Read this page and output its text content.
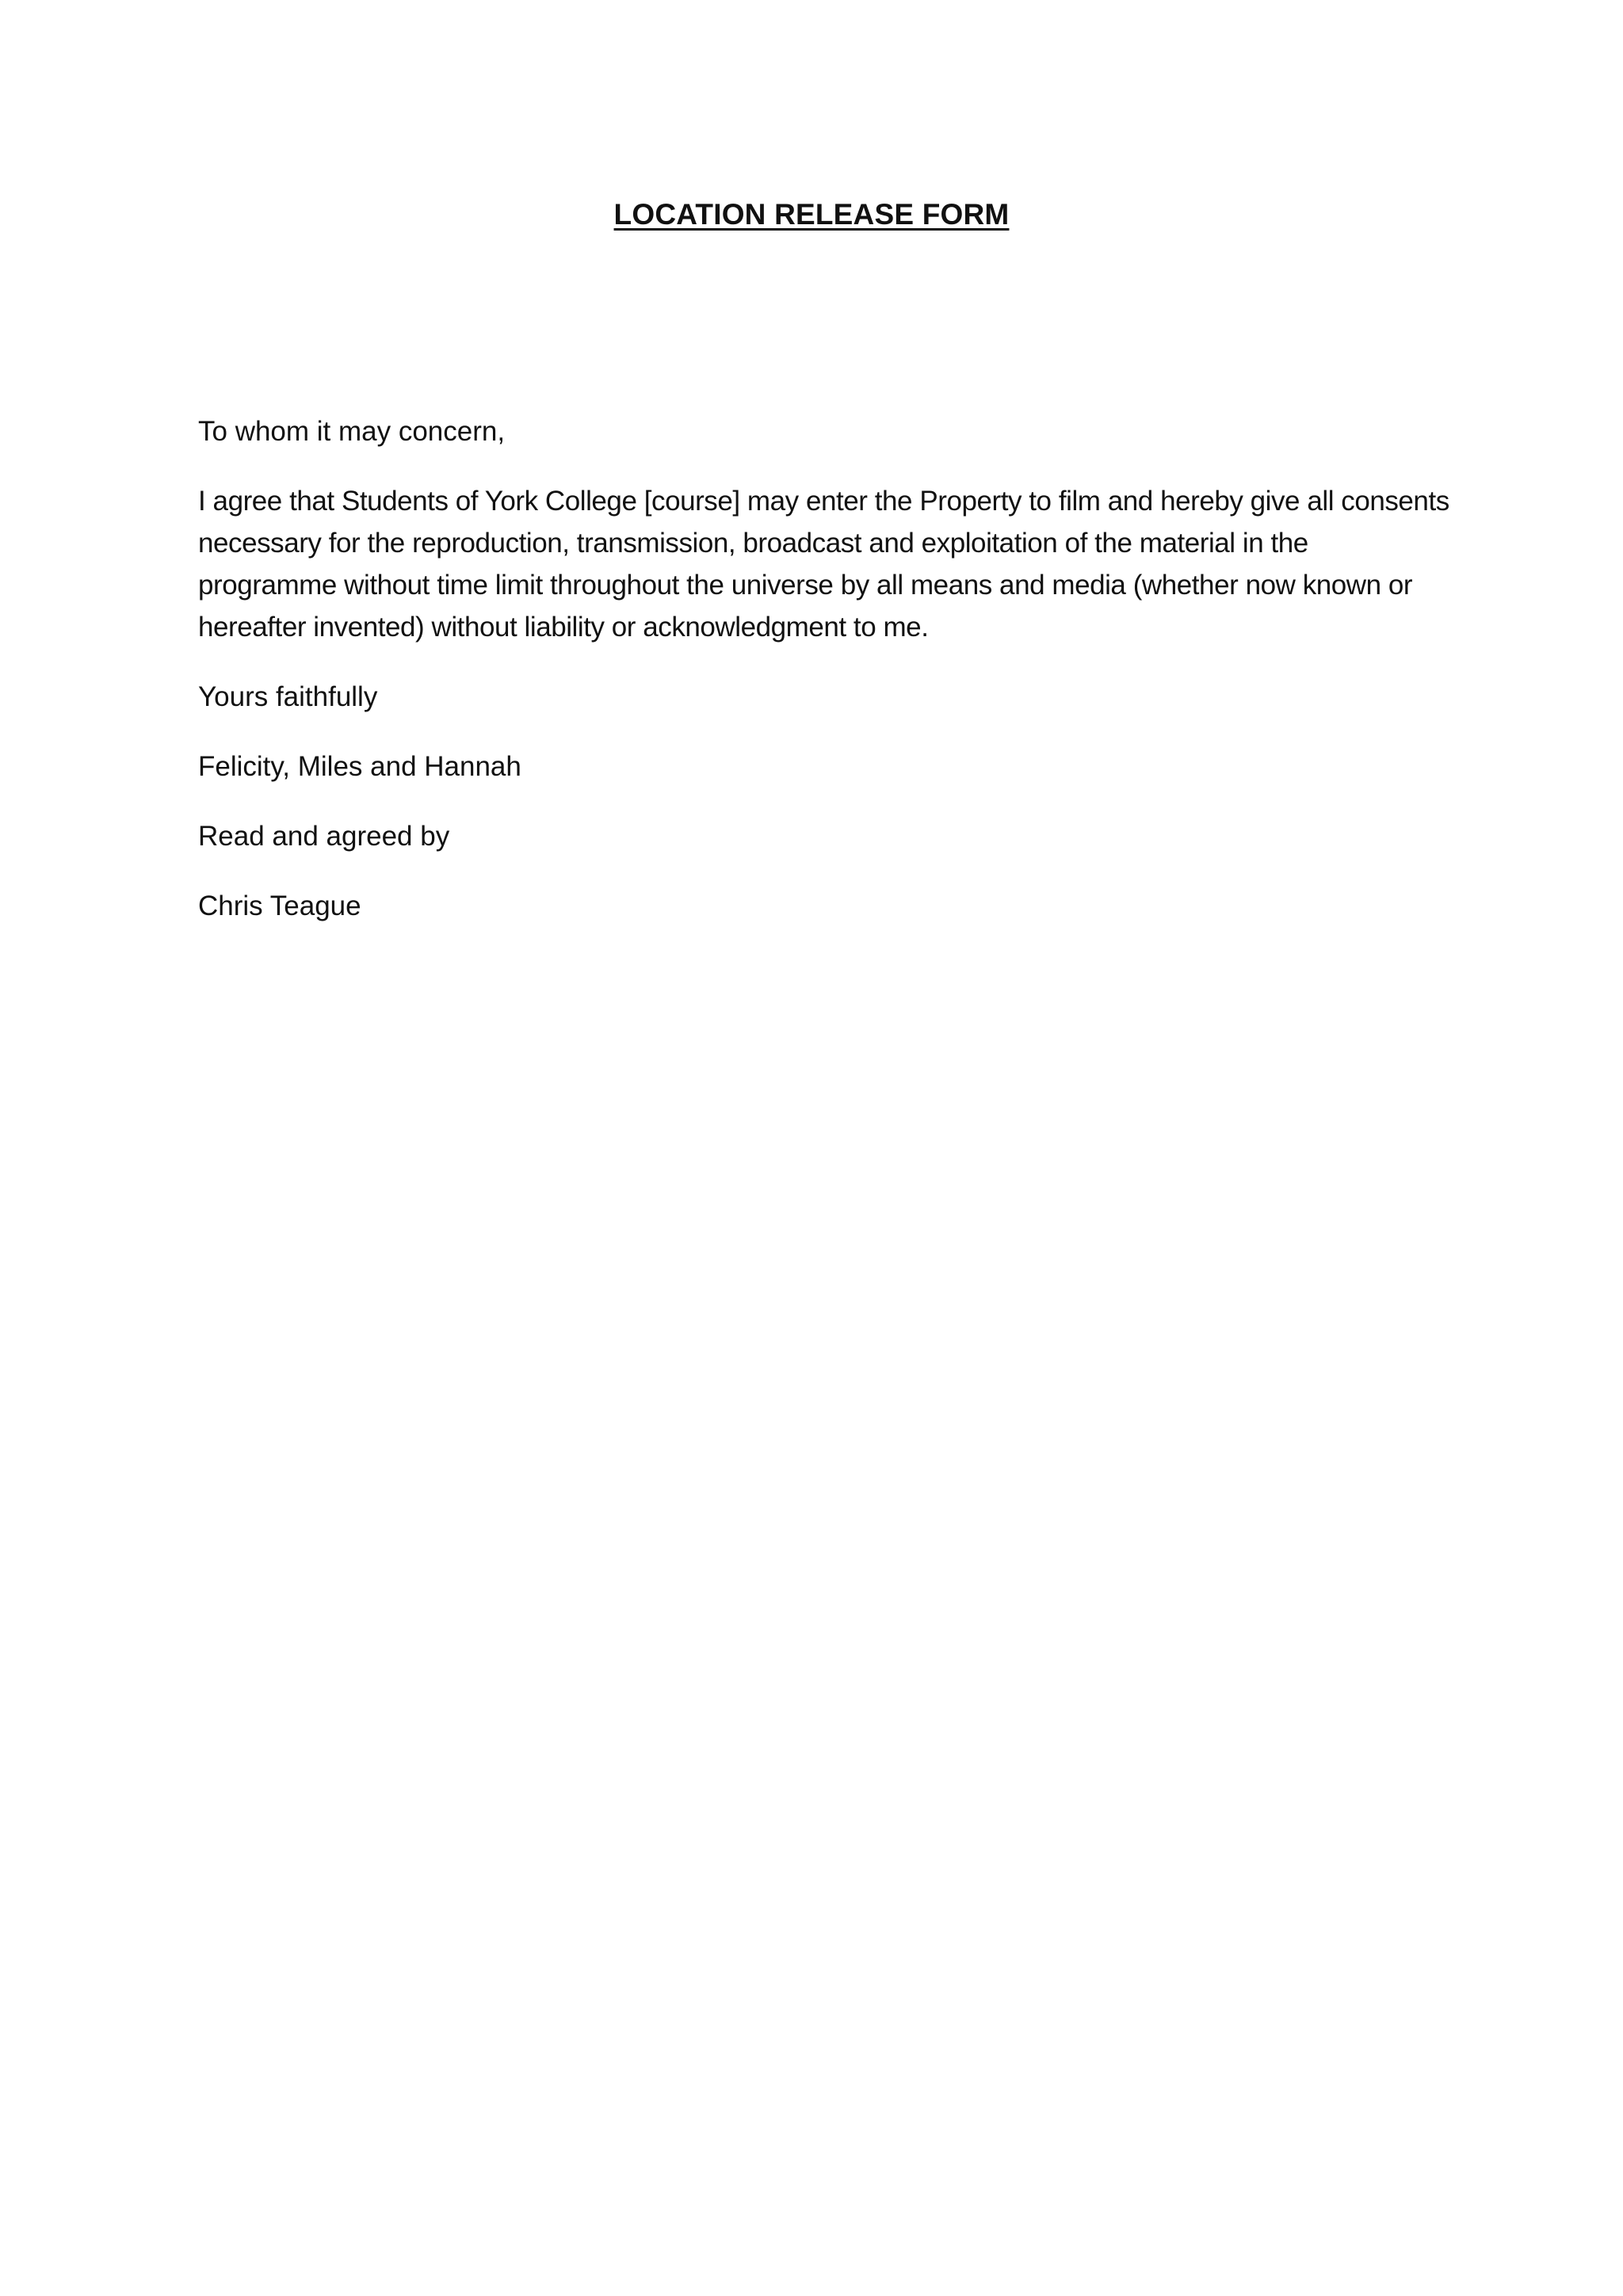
LOCATION RELEASE FORM

To whom it may concern,

I agree that Students of York College [course] may enter the Property to film and hereby give all consents necessary for the reproduction, transmission, broadcast and exploitation of the material in the programme without time limit throughout the universe by all means and media (whether now known or hereafter invented) without liability or acknowledgment to me.

Yours faithfully

Felicity, Miles and Hannah

Read and agreed by

Chris Teague
